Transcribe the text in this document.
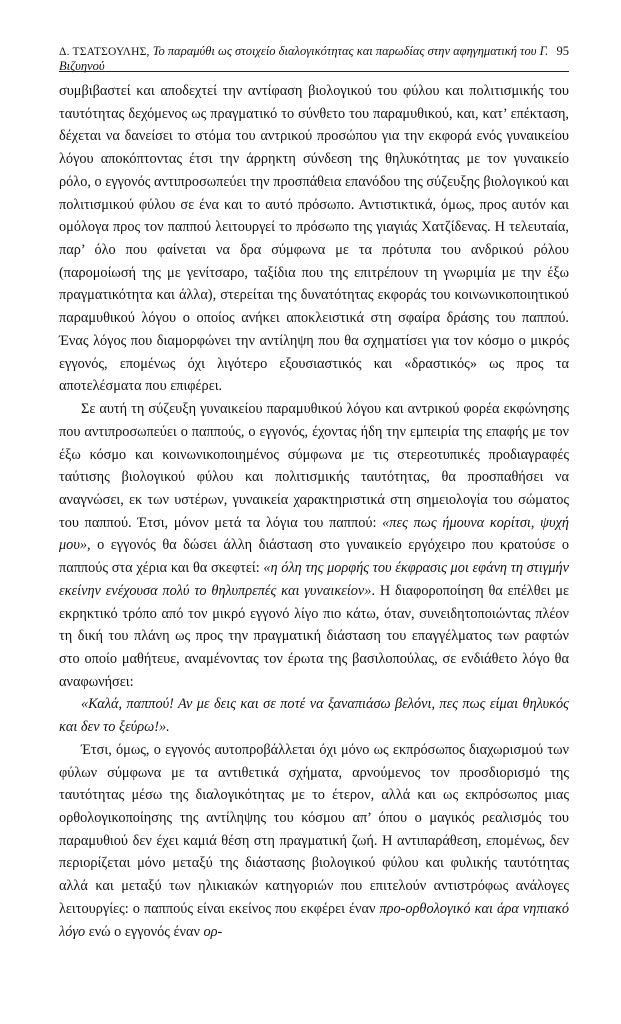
Δ. ΤΣΑΤΣΟΥΛΗΣ, Το παραμύθι ως στοιχείο διαλογικότητας και παρωδίας στην αφηγηματική του Γ. Βιζυηνού
95

συμβιβαστεί και αποδεχτεί την αντίφαση βιολογικού του φύλου και πολιτισμικής του ταυτότητας δεχόμενος ως πραγματικό το σύνθετο του παραμυθικού, και, κατ’ επέκταση, δέχεται να δανείσει το στόμα του αντρικού προσώπου για την εκφορά ενός γυναικείου λόγου αποκόπτοντας έτσι την άρρηκτη σύνδεση της θηλυκότητας με τον γυναικείο ρόλο, ο εγγονός αντιπροσωπεύει την προσπάθεια επανόδου της σύζευξης βιολογικού και πολιτισμικού φύλου σε ένα και το αυτό πρόσωπο. Αντιστικτικά, όμως, προς αυτόν και ομόλογα προς τον παππού λειτουργεί το πρόσωπο της γιαγιάς Χατζίδενας. Η τελευταία, παρ’ όλο που φαίνεται να δρα σύμφωνα με τα πρότυπα του ανδρικού ρόλου (παρομοίωσή της με γενίτσαρο, ταξίδια που της επιτρέπουν τη γνωριμία με την έξω πραγματικότητα και άλλα), στερείται της δυνατότητας εκφοράς του κοινωνικοποιητικού παραμυθικού λόγου ο οποίος ανήκει αποκλειστικά στη σφαίρα δράσης του παππού. Ένας λόγος που διαμορφώνει την αντίληψη που θα σχηματίσει για τον κόσμο ο μικρός εγγονός, επομένως όχι λιγότερο εξουσιαστικός και «δραστικός» ως προς τα αποτελέσματα που επιφέρει.

Σε αυτή τη σύζευξη γυναικείου παραμυθικού λόγου και αντρικού φορέα εκφώνησης που αντιπροσωπεύει ο παππούς, ο εγγονός, έχοντας ήδη την εμπειρία της επαφής με τον έξω κόσμο και κοινωνικοποιημένος σύμφωνα με τις στερεοτυπικές προδιαγραφές ταύτισης βιολογικού φύλου και πολιτισμικής ταυτότητας, θα προσπαθήσει να αναγνώσει, εκ των υστέρων, γυναικεία χαρακτηριστικά στη σημειολογία του σώματος του παππού. Έτσι, μόνον μετά τα λόγια του παππού: «πες πως ήμουνα κορίτσι, ψυχή μου», ο εγγονός θα δώσει άλλη διάσταση στο γυναικείο εργόχειρο που κρατούσε ο παππούς στα χέρια και θα σκεφτεί: «η όλη της μορφής του έκφρασις μοι εφάνη τη στιγμήν εκείνην ενέχουσα πολύ το θηλυπρεπές και γυναικείον». Η διαφοροποίηση θα επέλθει με εκρηκτικό τρόπο από τον μικρό εγγονό λίγο πιο κάτω, όταν, συνειδητοποιώντας πλέον τη δική του πλάνη ως προς την πραγματική διάσταση του επαγγέλματος των ραφτών στο οποίο μαθήτευε, αναμένοντας τον έρωτα της βασιλοπούλας, σε ενδιάθετο λόγο θα αναφωνήσει:

«Καλά, παππού! Αν με δεις και σε ποτέ να ξαναπιάσω βελόνι, πες πως είμαι θηλυκός και δεν το ξεύρω!».

Έτσι, όμως, ο εγγονός αυτοπροβάλλεται όχι μόνο ως εκπρόσωπος διαχωρισμού των φύλων σύμφωνα με τα αντιθετικά σχήματα, αρνούμενος τον προσδιορισμό της ταυτότητας μέσω της διαλογικότητας με το έτερον, αλλά και ως εκπρόσωπος μιας ορθολογικοποίησης της αντίληψης του κόσμου απ’ όπου ο μαγικός ρεαλισμός του παραμυθιού δεν έχει καμιά θέση στη πραγματική ζωή. Η αντιπαράθεση, επομένως, δεν περιορίζεται μόνο μεταξύ της διάστασης βιολογικού φύλου και φυλικής ταυτότητας αλλά και μεταξύ των ηλικιακών κατηγοριών που επιτελούν αντιστρόφως ανάλογες λειτουργίες: ο παππούς είναι εκείνος που εκφέρει έναν προ-ορθολογικό και άρα νηπιακό λόγο ενώ ο εγγονός έναν ορ-
